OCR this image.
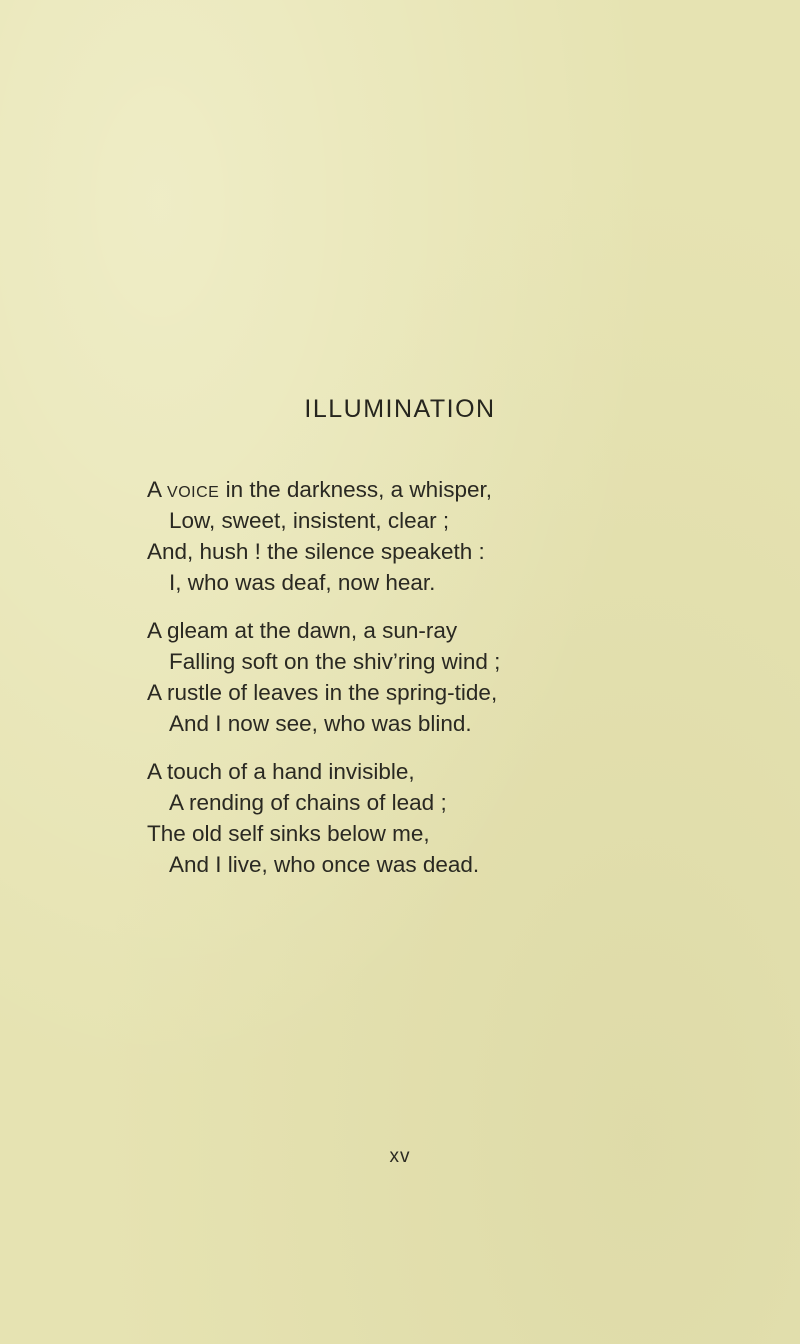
ILLUMINATION
A voice in the darkness, a whisper,
Low, sweet, insistent, clear ;
And, hush ! the silence speaketh :
I, who was deaf, now hear.
A gleam at the dawn, a sun-ray
Falling soft on the shiv’ring wind ;
A rustle of leaves in the spring-tide,
And I now see, who was blind.
A touch of a hand invisible,
A rending of chains of lead ;
The old self sinks below me,
And I live, who once was dead.
xv
